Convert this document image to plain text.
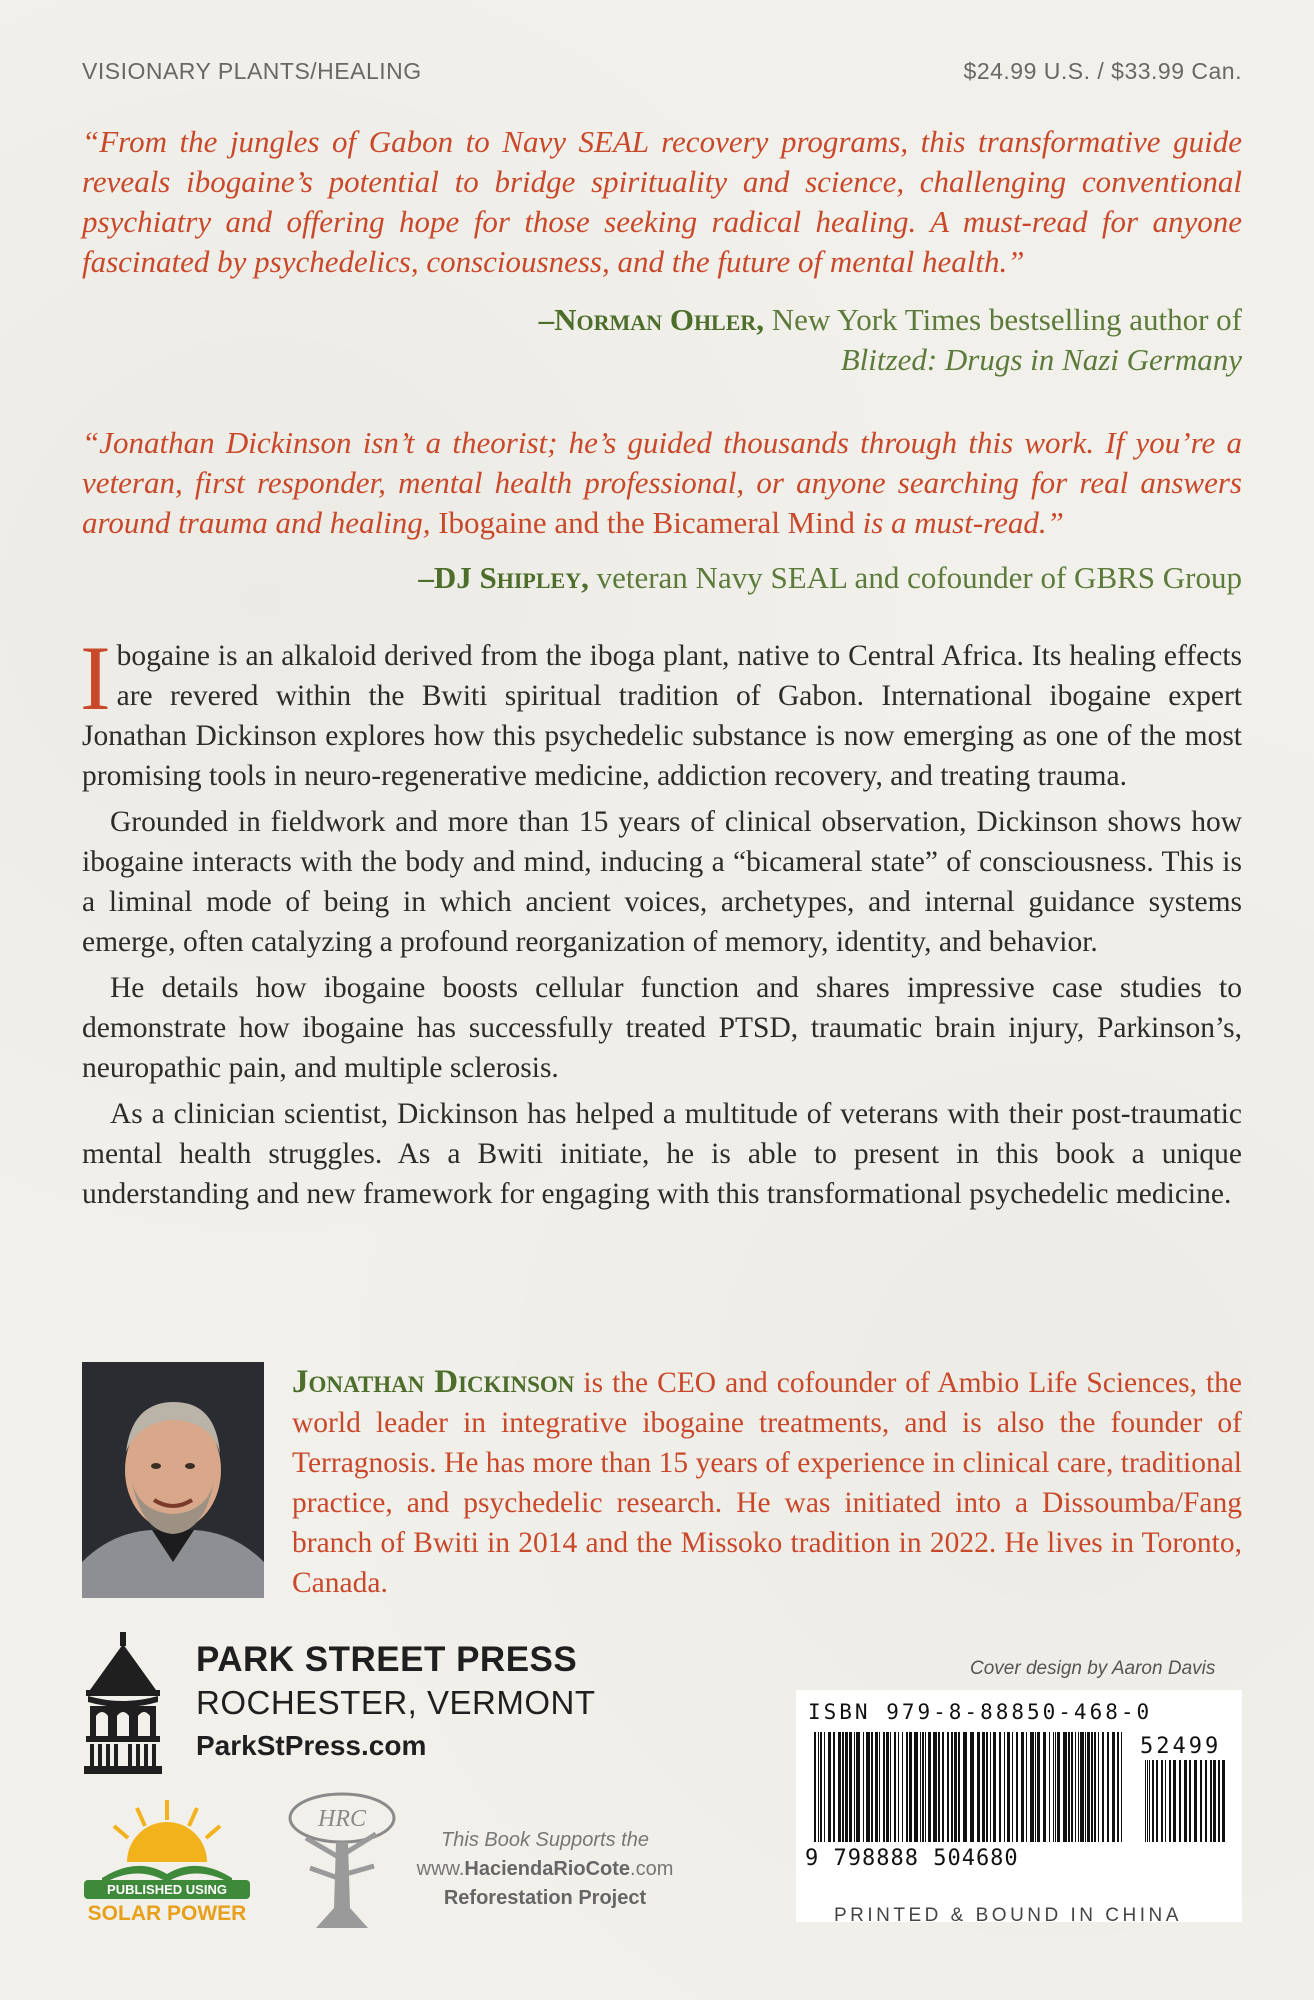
VISIONARY PLANTS/HEALING	$24.99 U.S. / $33.99 Can.
“From the jungles of Gabon to Navy SEAL recovery programs, this transformative guide reveals ibogaine’s potential to bridge spirituality and science, challenging conventional psychiatry and offering hope for those seeking radical healing. A must-read for anyone fascinated by psychedelics, consciousness, and the future of mental health.”
–Norman Ohler, New York Times bestselling author of
Blitzed: Drugs in Nazi Germany
“Jonathan Dickinson isn’t a theorist; he’s guided thousands through this work. If you’re a veteran, first responder, mental health professional, or anyone searching for real answers around trauma and healing, Ibogaine and the Bicameral Mind is a must-read.”
–DJ Shipley, veteran Navy SEAL and cofounder of GBRS Group

Ibogaine is an alkaloid derived from the iboga plant, native to Central Africa. Its healing effects are revered within the Bwiti spiritual tradition of Gabon. International ibogaine expert Jonathan Dickinson explores how this psychedelic substance is now emerging as one of the most promising tools in neuro-regenerative medicine, addiction recovery, and treating trauma.

Grounded in fieldwork and more than 15 years of clinical observation, Dickinson shows how ibogaine interacts with the body and mind, inducing a “bicameral state” of consciousness. This is a liminal mode of being in which ancient voices, archetypes, and internal guidance systems emerge, often catalyzing a profound reorganization of memory, identity, and behavior.

He details how ibogaine boosts cellular function and shares impressive case studies to demonstrate how ibogaine has successfully treated PTSD, traumatic brain injury, Parkinson’s, neuropathic pain, and multiple sclerosis.

As a clinician scientist, Dickinson has helped a multitude of veterans with their post-traumatic mental health struggles. As a Bwiti initiate, he is able to present in this book a unique understanding and new framework for engaging with this transformational psychedelic medicine.

Jonathan Dickinson is the CEO and cofounder of Ambio Life Sciences, the world leader in integrative ibogaine treatments, and is also the founder of Terragnosis. He has more than 15 years of experience in clinical care, traditional practice, and psychedelic research. He was initiated into a Dissoumba/Fang branch of Bwiti in 2014 and the Missoko tradition in 2022. He lives in Toronto, Canada.
PARK STREET PRESS
ROCHESTER, VERMONT
ParkStPress.com
PUBLISHED USING
SOLAR POWER
HRC
This Book Supports the
www.HaciendaRioCote.com
Reforestation Project
Cover design by Aaron Davis
ISBN 979-8-88850-468-0
52499
9 798888 504680
PRINTED & BOUND IN CHINA
